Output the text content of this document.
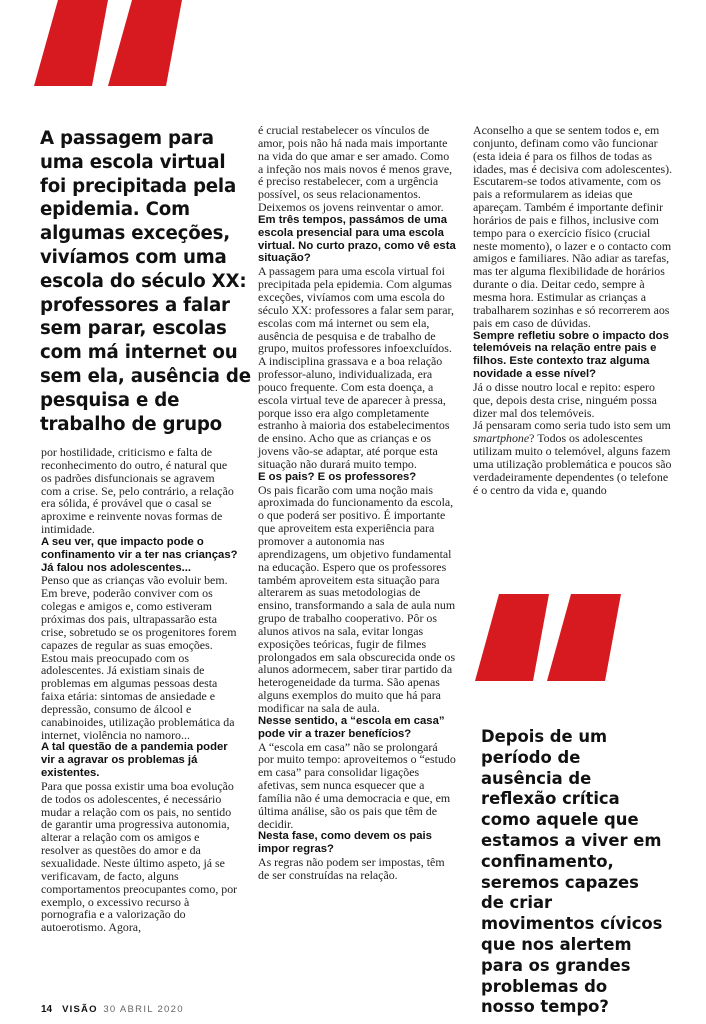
A passagem para uma escola virtual foi precipitada pela epidemia. Com algumas exceções, vivíamos com uma escola do século XX: professores a falar sem parar, escolas com má internet ou sem ela, ausência de pesquisa e de trabalho de grupo

por hostilidade, criticismo e falta de reconhecimento do outro, é natural que os padrões disfuncionais se agravem com a crise. Se, pelo contrário, a relação era sólida, é provável que o casal se aproxime e reinvente novas formas de intimidade.

A seu ver, que impacto pode o confinamento vir a ter nas crianças? Já falou nos adolescentes...

Penso que as crianças vão evoluir bem. Em breve, poderão conviver com os colegas e amigos e, como estiveram próximas dos pais, ultrapassarão esta crise, sobretudo se os progenitores forem capazes de regular as suas emoções. Estou mais preocupado com os adolescentes. Já existiam sinais de problemas em algumas pessoas desta faixa etária: sintomas de ansiedade e depressão, consumo de álcool e canabinoides, utilização problemática da internet, violência no namoro...

A tal questão de a pandemia poder vir a agravar os problemas já existentes.

Para que possa existir uma boa evolução de todos os adolescentes, é necessário mudar a relação com os pais, no sentido de garantir uma progressiva autonomia, alterar a relação com os amigos e resolver as questões do amor e da sexualidade. Neste último aspeto, já se verificavam, de facto, alguns comportamentos preocupantes como, por exemplo, o excessivo recurso à pornografia e a valorização do autoerotismo. Agora,

é crucial restabelecer os vínculos de amor, pois não há nada mais importante na vida do que amar e ser amado. Como a infeção nos mais novos é menos grave, é preciso restabelecer, com a urgência possível, os seus relacionamentos. Deixemos os jovens reinventar o amor.

Em três tempos, passámos de uma escola presencial para uma escola virtual. No curto prazo, como vê esta situação?

A passagem para uma escola virtual foi precipitada pela epidemia. Com algumas exceções, vivíamos com uma escola do século XX: professores a falar sem parar, escolas com má internet ou sem ela, ausência de pesquisa e de trabalho de grupo, muitos professores infoexcluídos. A indisciplina grassava e a boa relação professor-aluno, individualizada, era pouco frequente. Com esta doença, a escola virtual teve de aparecer à pressa, porque isso era algo completamente estranho à maioria dos estabelecimentos de ensino. Acho que as crianças e os jovens vão-se adaptar, até porque esta situação não durará muito tempo.

E os pais? E os professores?

Os pais ficarão com uma noção mais aproximada do funcionamento da escola, o que poderá ser positivo. É importante que aproveitem esta experiência para promover a autonomia nas aprendizagens, um objetivo fundamental na educação. Espero que os professores também aproveitem esta situação para alterarem as suas metodologias de ensino, transformando a sala de aula num grupo de trabalho cooperativo. Pôr os alunos ativos na sala, evitar longas exposições teóricas, fugir de filmes prolongados em sala obscurecida onde os alunos adormecem, saber tirar partido da heterogeneidade da turma. São apenas alguns exemplos do muito que há para modificar na sala de aula.

Nesse sentido, a “escola em casa” pode vir a trazer benefícios?

A “escola em casa” não se prolongará por muito tempo: aproveitemos o “estudo em casa” para consolidar ligações afetivas, sem nunca esquecer que a família não é uma democracia e que, em última análise, são os pais que têm de decidir.

Nesta fase, como devem os pais impor regras?

As regras não podem ser impostas, têm de ser construídas na relação.

Aconselho a que se sentem todos e, em conjunto, definam como vão funcionar (esta ideia é para os filhos de todas as idades, mas é decisiva com adolescentes). Escutarem-se todos ativamente, com os pais a reformularem as ideias que apareçam. Também é importante definir horários de pais e filhos, inclusive com tempo para o exercício físico (crucial neste momento), o lazer e o contacto com amigos e familiares. Não adiar as tarefas, mas ter alguma flexibilidade de horários durante o dia. Deitar cedo, sempre à mesma hora. Estimular as crianças a trabalharem sozinhas e só recorrerem aos pais em caso de dúvidas.

Sempre refletiu sobre o impacto dos telemóveis na relação entre pais e filhos. Este contexto traz alguma novidade a esse nível?

Já o disse noutro local e repito: espero que, depois desta crise, ninguém possa dizer mal dos telemóveis.

Já pensaram como seria tudo isto sem um smartphone? Todos os adolescentes utilizam muito o telemóvel, alguns fazem uma utilização problemática e poucos são verdadeiramente dependentes (o telefone é o centro da vida e, quando

Depois de um período de ausência de reflexão crítica como aquele que estamos a viver em confinamento, seremos capazes de criar movimentos cívicos que nos alertem para os grandes problemas do nosso tempo?

14 VISÃO 30 ABRIL 2020
